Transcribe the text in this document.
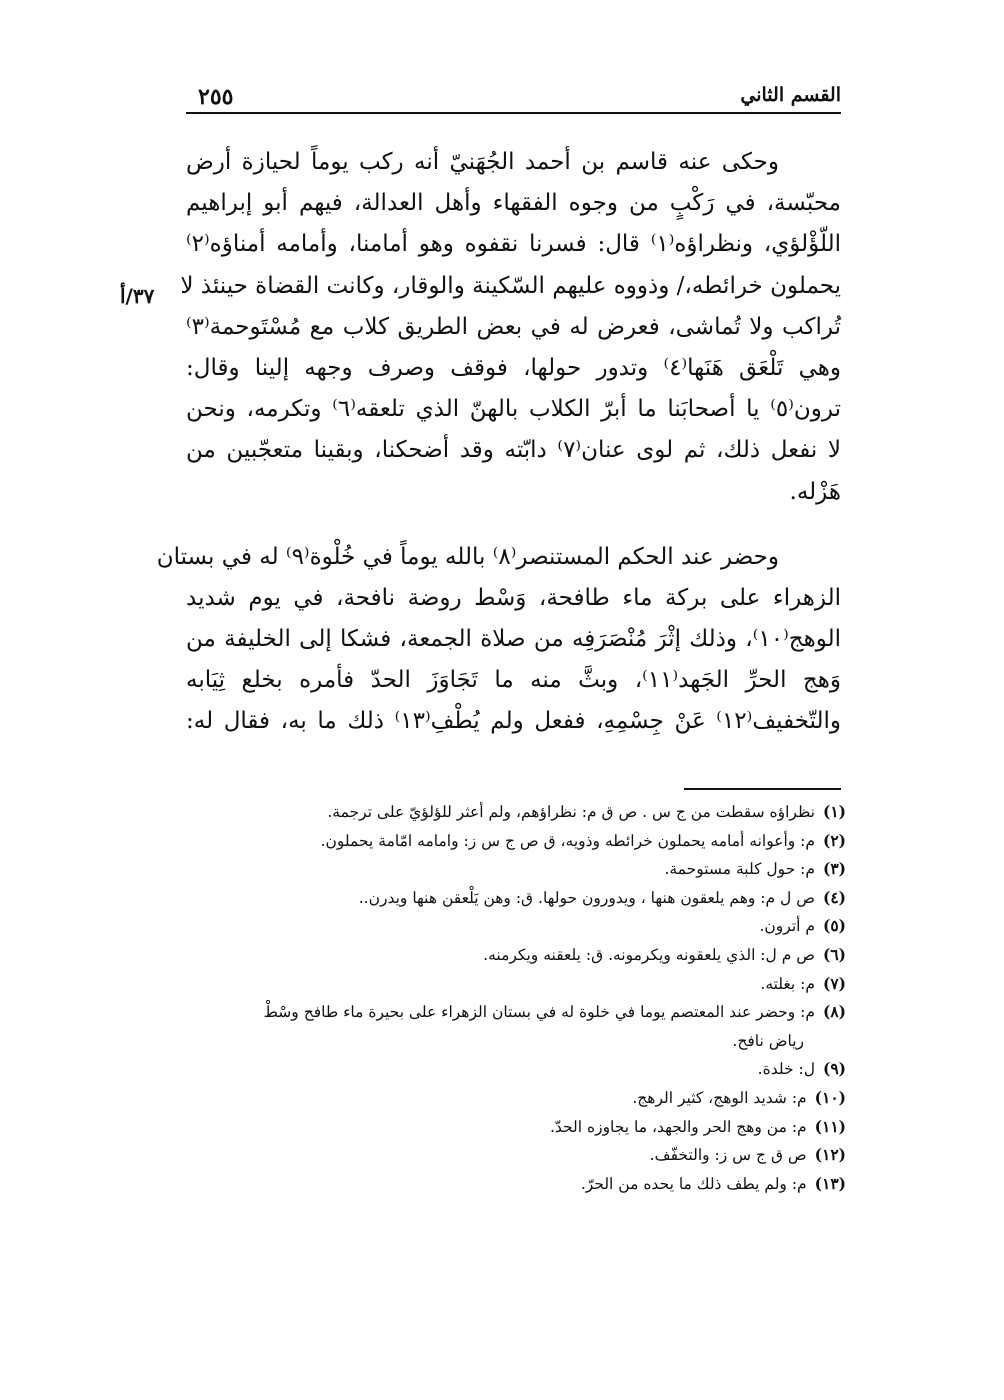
القسم الثاني
٢٥٥
٣٧/أ
وحكى عنه قاسم بن أحمد الجُهَنيّ أنه ركب يوماً لحيازة أرض
محبّسة، في رَكْبٍ من وجوه الفقهاء وأهل العدالة، فيهم أبو إبراهيم
اللّؤْلؤي، ونظراؤه⁽١⁾ قال: فسرنا نقفوه وهو أمامنا، وأمامه أمناؤه⁽٢⁾
يحملون خرائطه،/ وذووه عليهم السّكينة والوقار، وكانت القضاة حينئذ لا
تُراكب ولا تُماشى، فعرض له في بعض الطريق كلاب مع مُسْتَوحمة⁽٣⁾
وهي تَلْعَق هَنَها⁽٤⁾ وتدور حولها، فوقف وصرف وجهه إلينا وقال:
ترون⁽٥⁾ يا أصحابَنا ما أبرّ الكلاب بالهنّ الذي تلعقه⁽٦⁾ وتكرمه، ونحن
لا نفعل ذلك، ثم لوى عنان⁽٧⁾ دابّته وقد أضحكنا، وبقينا متعجّبين من
هَزْله.
وحضر عند الحكم المستنصر⁽٨⁾ بالله يوماً في خُلْوة⁽٩⁾ له في بستان
الزهراء على بركة ماء طافحة، وَسْط روضة نافحة، في يوم شديد
الوهج⁽١٠⁾، وذلك إثْرَ مُنْصَرَفِه من صلاة الجمعة، فشكا إلى الخليفة من
وَهج الحرِّ الجَهد⁽١١⁾، وبثَّ منه ما تَجَاوَزَ الحدّ فأمره بخلع ثِيَابه
والتّخفيف⁽١٢⁾ عَنْ جِسْمِهِ، ففعل ولم يُطْفِ⁽١٣⁾ ذلك ما به، فقال له:
(١)نظراؤه سقطت من ج س . ص ق م: نظراؤهم، ولم أعثر للؤلؤيّ على ترجمة.
(٢)م: وأعوانه أمامه يحملون خرائطه وذويه، ق ص ج س ز: وامامه امّامة يحملون.
(٣)م: حول كلبة مستوحمة.
(٤)ص ل م: وهم يلعقون هنها ، ويدورون حولها. ق: وهن يَلْعقن هنها ويدرن..
(٥)م أترون.
(٦)ص م ل: الذي يلعقونه ويكرمونه. ق: يلعقنه ويكرمنه.
(٧)م: بغلته.
(٨)م: وحضر عند المعتصم يوما في خلوة له في بستان الزهراء على بحيرة ماء طافح وسْطْ
رياض نافح.
(٩)ل: خلدة.
(١٠)م: شديد الوهج، كثير الرهج.
(١١)م: من وهج الحر والجهد، ما يجاوزه الحدّ.
(١٢)ص ق ج س ز: والتخفّف.
(١٣)م: ولم يطف ذلك ما يحده من الحرّ.
